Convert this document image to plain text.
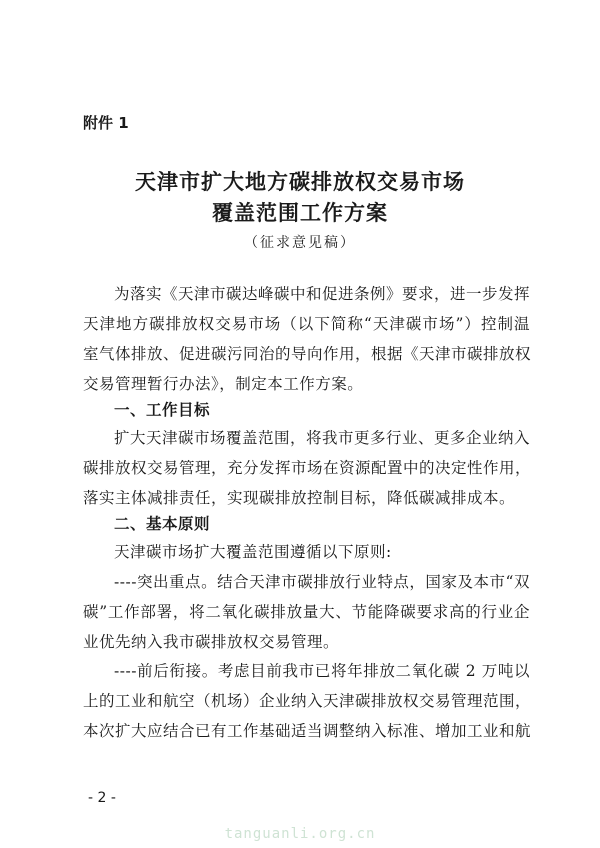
附件 1
天津市扩大地方碳排放权交易市场
覆盖范围工作方案
（征求意见稿）
为落实《天津市碳达峰碳中和促进条例》要求，进一步发挥
天津地方碳排放权交易市场（以下简称“天津碳市场”）控制温
室气体排放、促进碳污同治的导向作用，根据《天津市碳排放权
交易管理暂行办法》，制定本工作方案。
一、工作目标
扩大天津碳市场覆盖范围，将我市更多行业、更多企业纳入
碳排放权交易管理，充分发挥市场在资源配置中的决定性作用，
落实主体减排责任，实现碳排放控制目标，降低碳减排成本。
二、基本原则
天津碳市场扩大覆盖范围遵循以下原则:
----突出重点。结合天津市碳排放行业特点，国家及本市“双
碳”工作部署，将二氧化碳排放量大、节能降碳要求高的行业企
业优先纳入我市碳排放权交易管理。
----前后衔接。考虑目前我市已将年排放二氧化碳 2 万吨以
上的工业和航空（机场）企业纳入天津碳排放权交易管理范围，
本次扩大应结合已有工作基础适当调整纳入标准、增加工业和航
- 2 -
tanguanli.org.cn
